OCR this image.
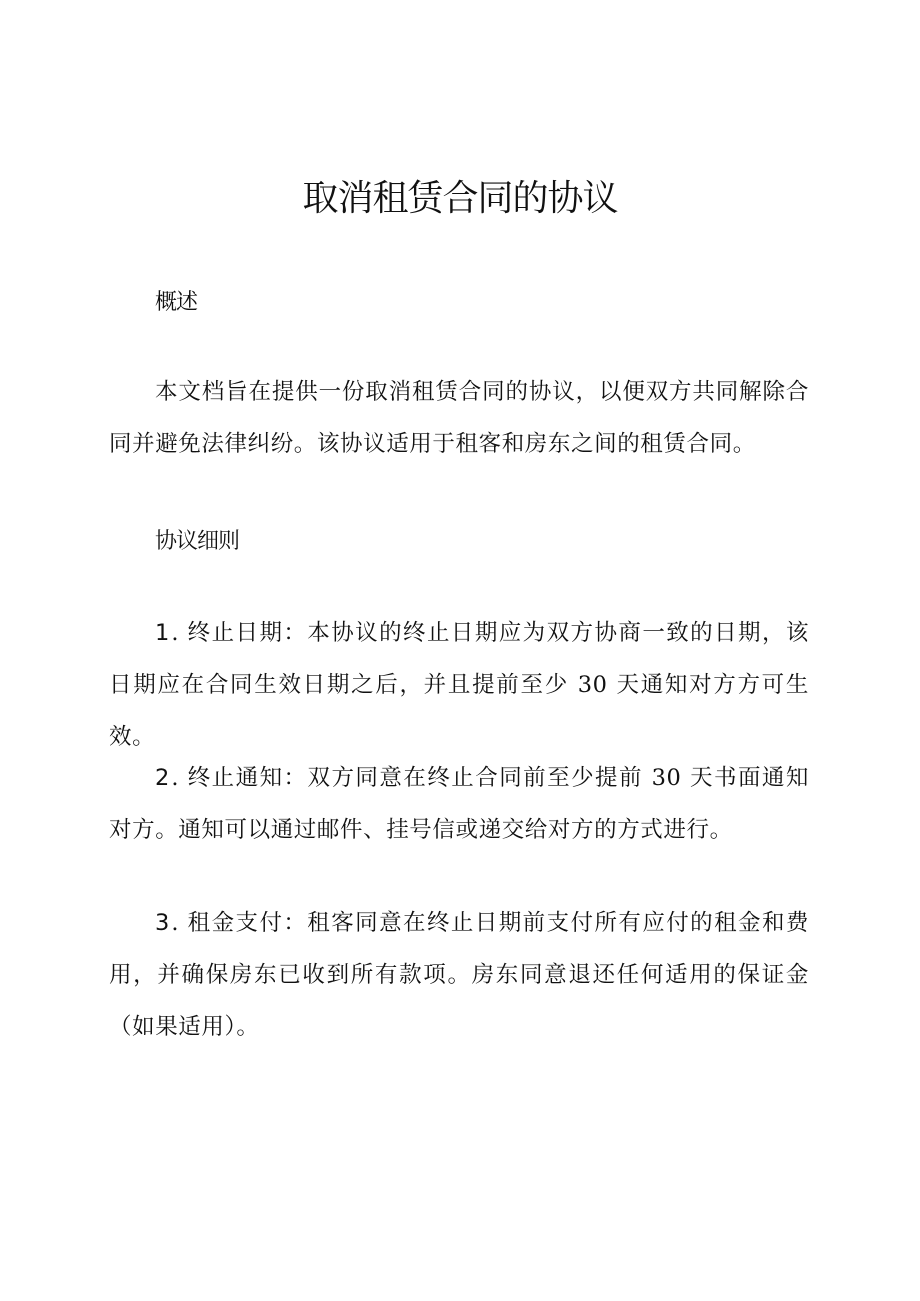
取消租赁合同的协议
概述

本文档旨在提供一份取消租赁合同的协议，以便双方共同解除合同并避免法律纠纷。该协议适用于租客和房东之间的租赁合同。

协议细则

1. 终止日期：本协议的终止日期应为双方协商一致的日期，该日期应在合同生效日期之后，并且提前至少 30 天通知对方方可生效。

2. 终止通知：双方同意在终止合同前至少提前 30 天书面通知对方。通知可以通过邮件、挂号信或递交给对方的方式进行。

3. 租金支付：租客同意在终止日期前支付所有应付的租金和费用，并确保房东已收到所有款项。房东同意退还任何适用的保证金（如果适用）。
